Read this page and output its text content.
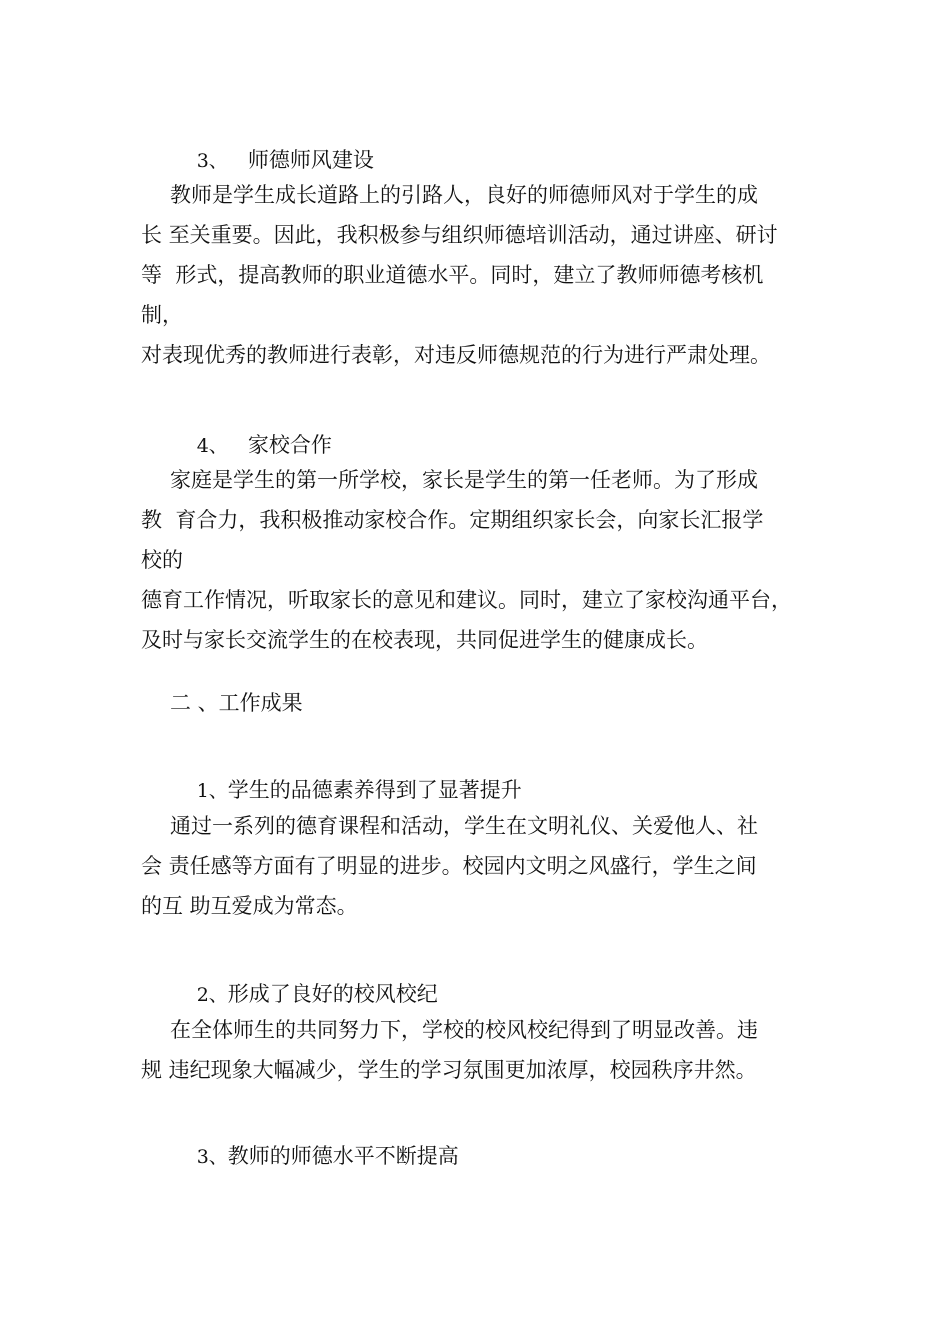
3、 师德师风建设

教师是学生成长道路上的引路人，良好的师德师风对于学生的成
长 至关重要。因此，我积极参与组织师德培训活动，通过讲座、研讨
等  形式，提高教师的职业道德水平。同时，建立了教师师德考核机
制，
对表现优秀的教师进行表彰，对违反师德规范的行为进行严肃处理。

4、 家校合作

家庭是学生的第一所学校，家长是学生的第一任老师。为了形成
教  育合力，我积极推动家校合作。定期组织家长会，向家长汇报学
校的
德育工作情况，听取家长的意见和建议。同时，建立了家校沟通平台，
及时与家长交流学生的在校表现，共同促进学生的健康成长。
二 、工作成果

1、学生的品德素养得到了显著提升

通过一系列的德育课程和活动，学生在文明礼仪、关爱他人、社
会 责任感等方面有了明显的进步。校园内文明之风盛行，学生之间
的互 助互爱成为常态。

2、形成了良好的校风校纪

在全体师生的共同努力下，学校的校风校纪得到了明显改善。违
规 违纪现象大幅减少，学生的学习氛围更加浓厚，校园秩序井然。

3、教师的师德水平不断提高
